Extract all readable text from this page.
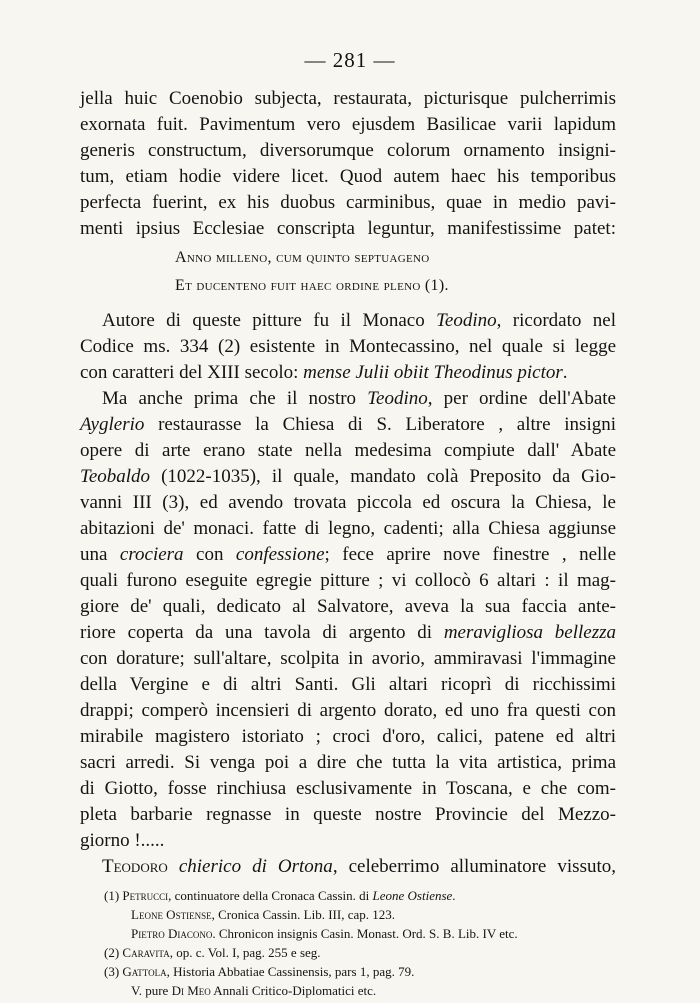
— 281 —
jella huic Coenobio subjecta, restaurata, picturisque pulcherrimis
exornata fuit. Pavimentum vero ejusdem Basilicae varii lapidum
generis constructum, diversorumque colorum ornamento insigni-
tum, etiam hodie videre licet. Quod autem haec his temporibus
perfecta fuerint, ex his duobus carminibus, quae in medio pavi-
menti ipsius Ecclesiae conscripta leguntur, manifestissime patet:
Anno milleno, cum quinto septuageno
Et ducenteno fuit haec ordine pleno (1).
Autore di queste pitture fu il Monaco Teodino, ricordato nel
Codice ms. 334 (2) esistente in Montecassino, nel quale si legge
con caratteri del XIII secolo: mense Julii obiit Theodinus pictor.
Ma anche prima che il nostro Teodino, per ordine dell'Abate
Ayglerio restaurasse la Chiesa di S. Liberatore , altre insigni
opere di arte erano state nella medesima compiute dall' Abate
Teobaldo (1022-1035), il quale, mandato colà Preposito da Gio-
vanni III (3), ed avendo trovata piccola ed oscura la Chiesa, le
abitazioni de' monaci. fatte di legno, cadenti; alla Chiesa aggiunse
una crociera con confessione; fece aprire nove finestre , nelle
quali furono eseguite egregie pitture ; vi collocò 6 altari : il mag-
giore de' quali, dedicato al Salvatore, aveva la sua faccia ante-
riore coperta da una tavola di argento di meravigliosa bellezza
con dorature; sull'altare, scolpita in avorio, ammiravasi l'immagine
della Vergine e di altri Santi. Gli altari ricoprì di ricchissimi
drappi; comperò incensieri di argento dorato, ed uno fra questi con
mirabile magistero istoriato ; croci d'oro, calici, patene ed altri
sacri arredi. Si venga poi a dire che tutta la vita artistica, prima
di Giotto, fosse rinchiusa esclusivamente in Toscana, e che com-
pleta barbarie regnasse in queste nostre Provincie del Mezzo-
giorno !.....
Teodoro chierico di Ortona, celeberrimo alluminatore vissuto,
(1) Petrucci, continuatore della Cronaca Cassin. di Leone Ostiense.
Leone Ostiense, Cronica Cassin. Lib. III, cap. 123.
Pietro Diacono. Chronicon insignis Casin. Monast. Ord. S. B. Lib. IV etc.
(2) Caravita, op. c. Vol. I, pag. 255 e seg.
(3) Gattola, Historia Abbatiae Cassinensis, pars 1, pag. 79.
V. pure Di Meo Annali Critico-Diplomatici etc.
